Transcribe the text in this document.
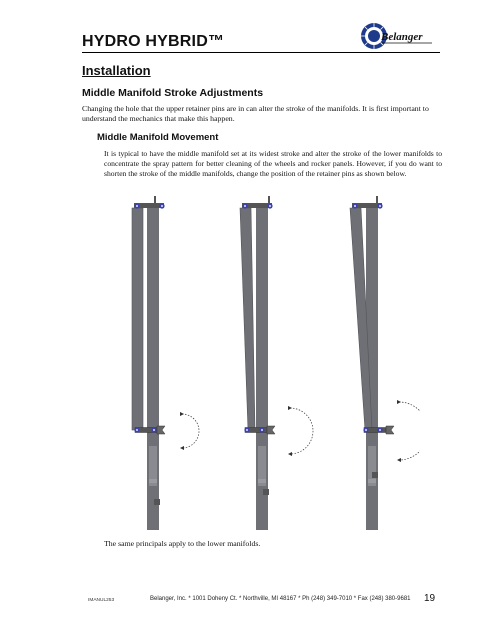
HYDRO HYBRID™	Belanger
Installation
Middle Manifold Stroke Adjustments
Changing the hole that the upper retainer pins are in can alter the stroke of the manifolds. It is first important to understand the mechanics that make this happen.
Middle Manifold Movement
It is typical to have the middle manifold set at its widest stroke and alter the stroke of the lower manifolds to concentrate the spray pattern for better cleaning of the wheels and rocker panels. However, if you do want to shorten the stroke of the middle manifolds, change the position of the retainer pins as shown below.
The same principals apply to the lower manifolds.
IMANUL253	Belanger, Inc. * 1001 Doheny Ct. * Northville, MI 48167 * Ph (248) 349-7010 * Fax (248) 380-9681 19
